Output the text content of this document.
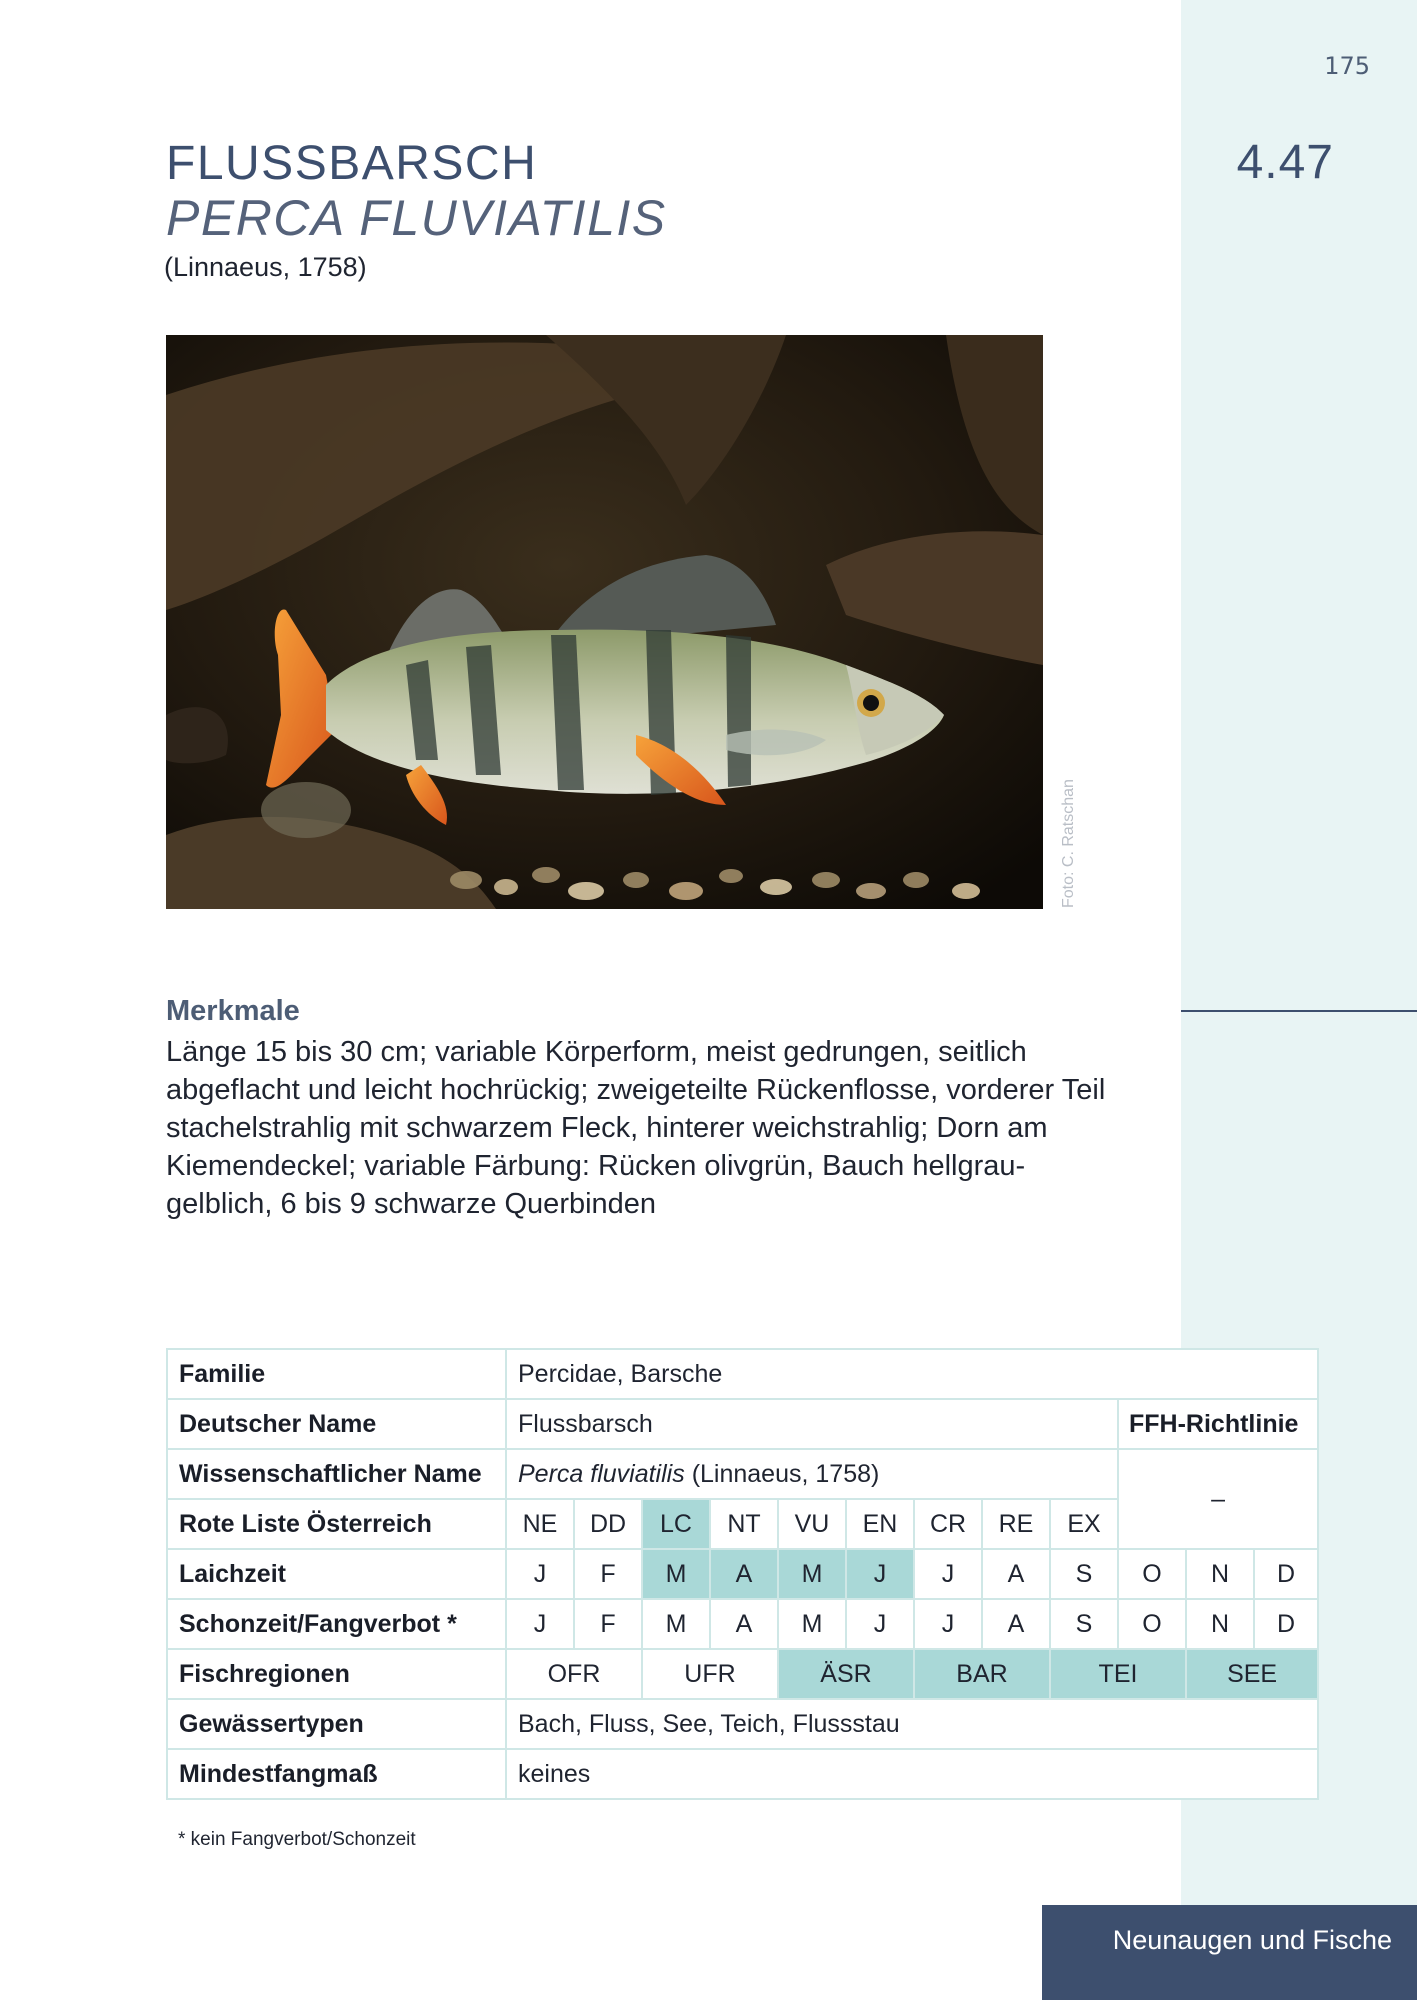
175
4.47
FLUSSBARSCH
PERCA FLUVIATILIS
(Linnaeus, 1758)
Foto: C. Ratschan
Merkmale

Länge 15 bis 30 cm; variable Körperform, meist gedrungen, seitlich abgeflacht und leicht hochrückig; zweigeteilte Rückenflosse, vorderer Teil stachelstrahlig mit schwarzem Fleck, hinterer weichstrahlig; Dorn am Kiemendeckel; variable Färbung: Rücken olivgrün, Bauch hellgrau-gelblich, 6 bis 9 schwarze Querbinden

Familie	Percidae, Barsche											
Deutscher Name	Flussbarsch									FFH-Richtlinie		
Wissenschaftlicher Name	Perca fluviatilis (Linnaeus, 1758)									–		
Rote Liste Österreich	NE	DD	LC	NT	VU	EN	CR	RE	EX			
Laichzeit	J	F	M	A	M	J	J	A	S	O	N	D
Schonzeit/Fangverbot *	J	F	M	A	M	J	J	A	S	O	N	D
Fischregionen	OFR		UFR		ÄSR		BAR		TEI		SEE	
Gewässertypen	Bach, Fluss, See, Teich, Flussstau											
Mindestfangmaß	keines											
* kein Fangverbot/Schonzeit
Neunaugen und Fische
